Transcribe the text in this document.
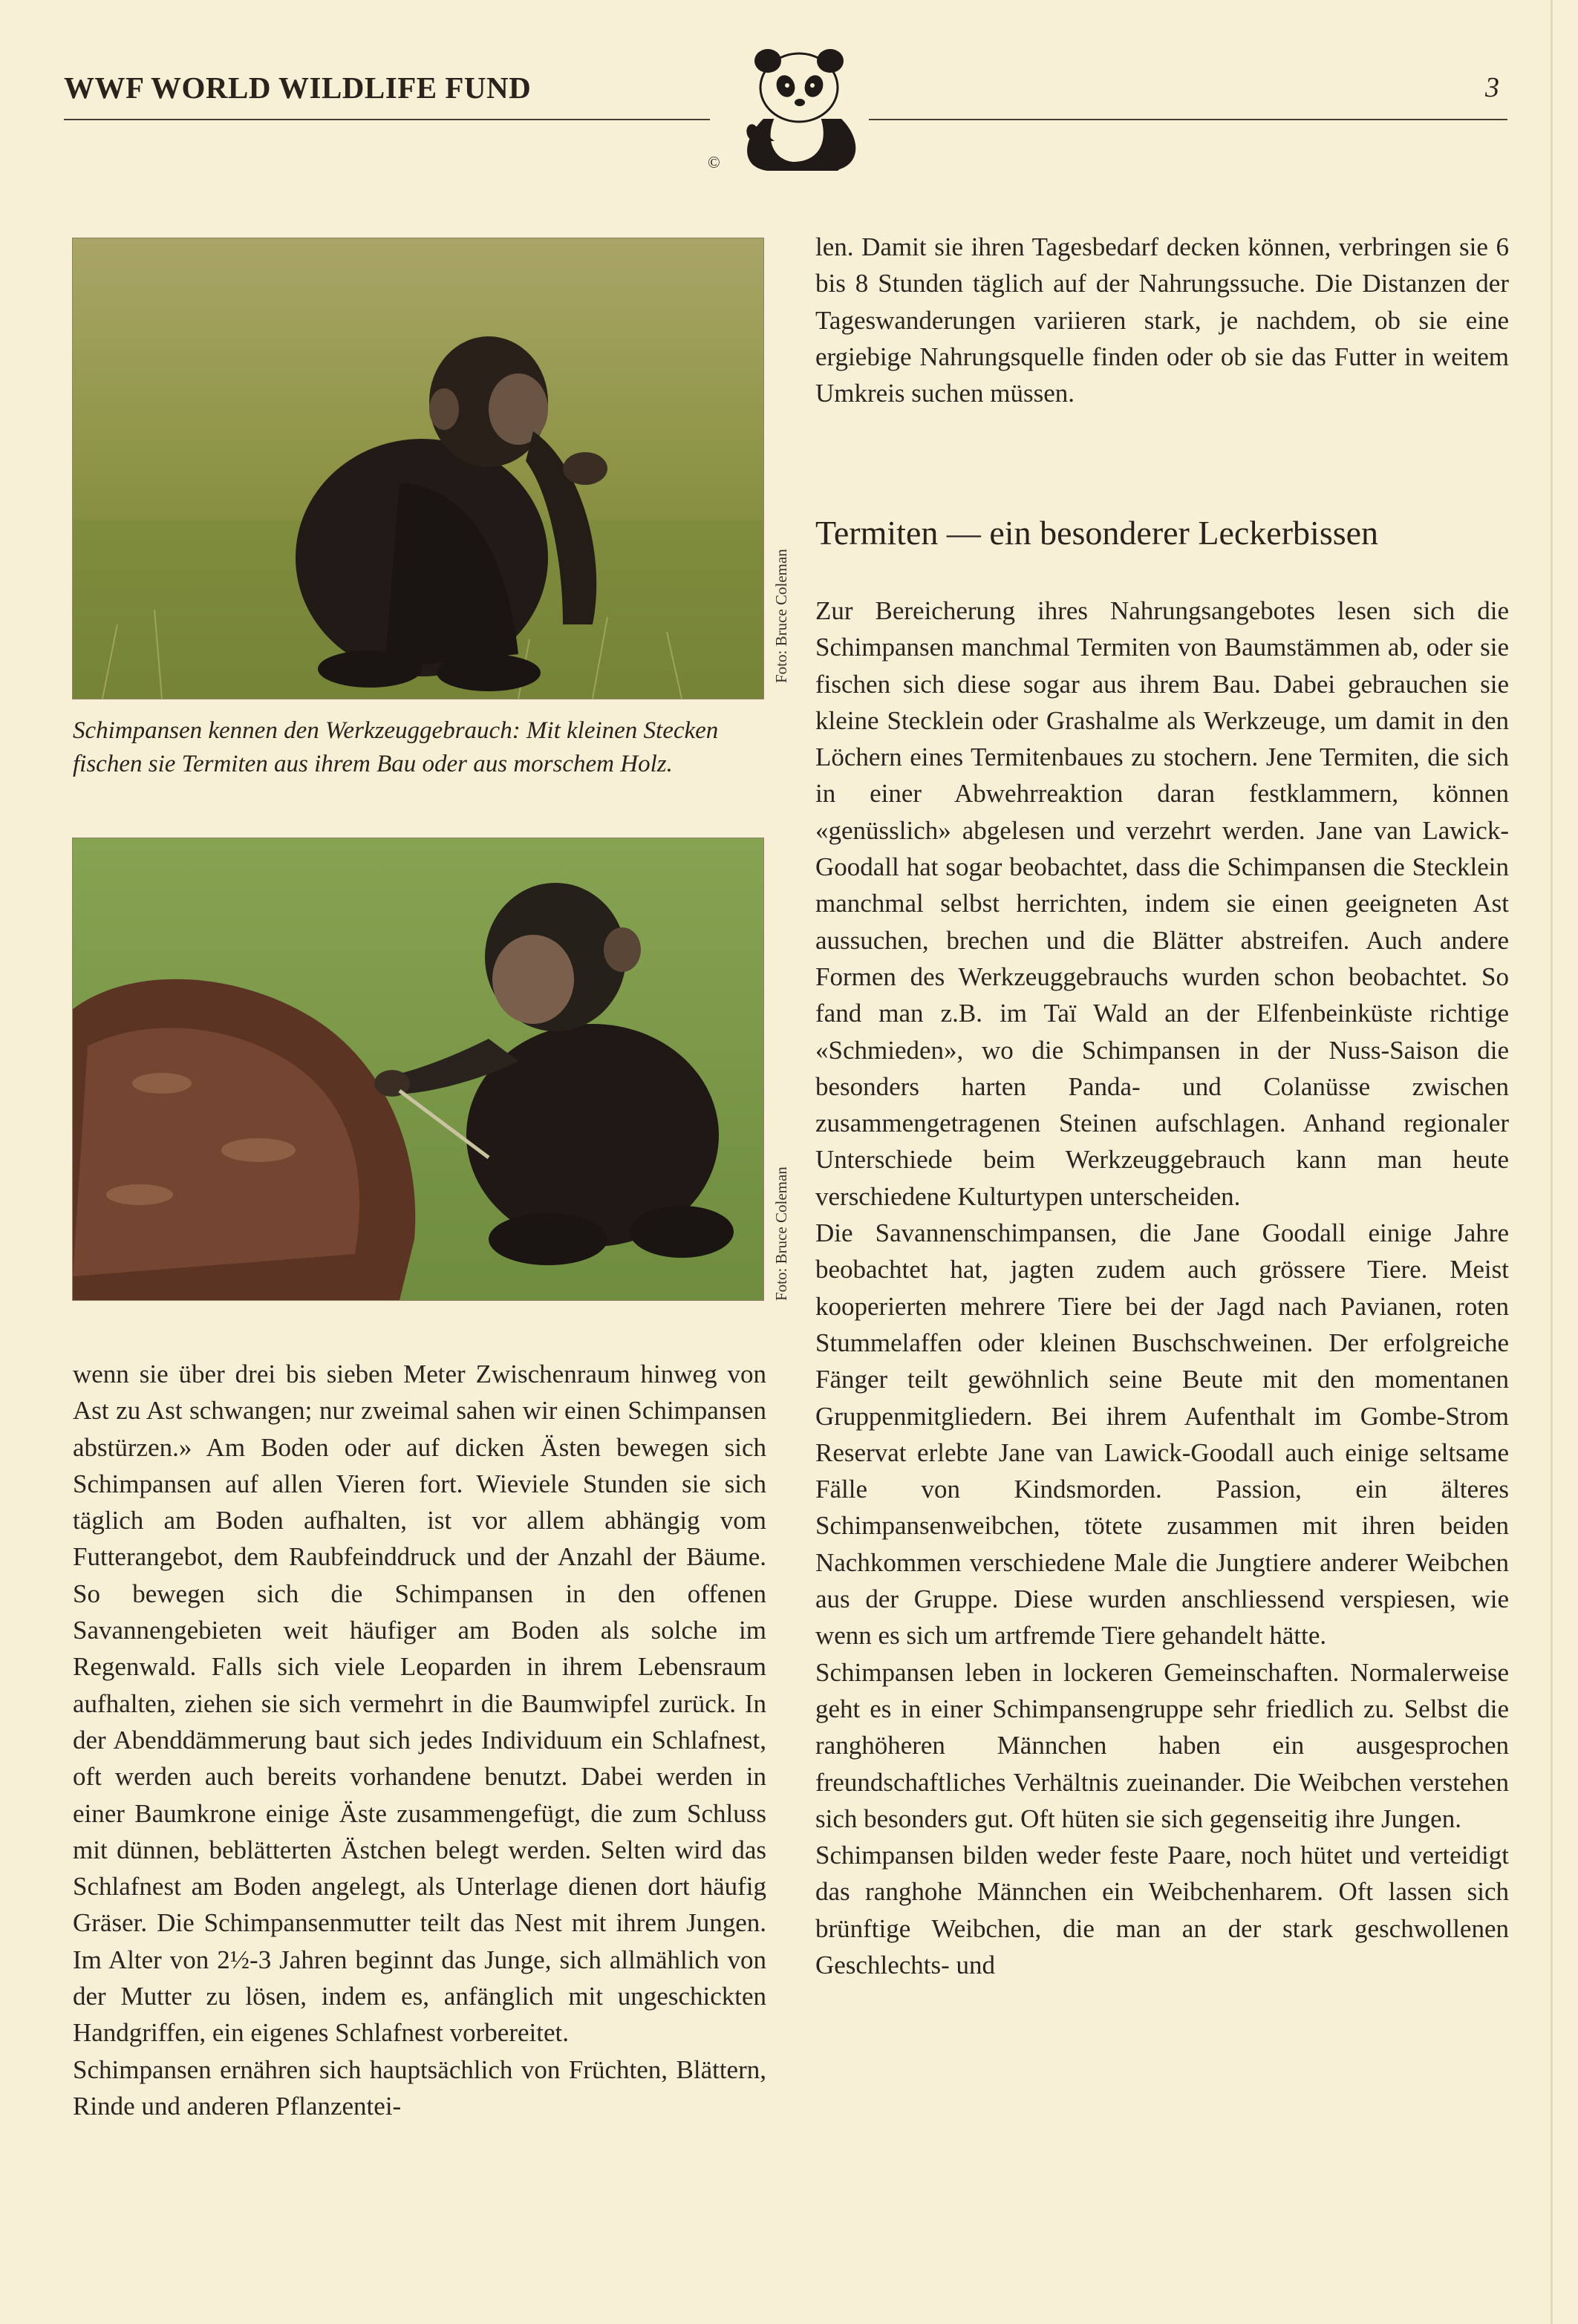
WWF WORLD WILDLIFE FUND	3
©
Foto: Bruce Coleman
Schimpansen kennen den Werkzeuggebrauch: Mit kleinen Stecken fischen sie Termiten aus ihrem Bau oder aus morschem Holz.
Foto: Bruce Coleman

wenn sie über drei bis sieben Meter Zwischenraum hinweg von Ast zu Ast schwangen; nur zweimal sahen wir einen Schimpansen abstürzen.» Am Boden oder auf dicken Ästen bewegen sich Schimpansen auf allen Vieren fort. Wieviele Stunden sie sich täglich am Boden aufhalten, ist vor allem abhängig vom Futterangebot, dem Raubfeinddruck und der Anzahl der Bäume. So bewegen sich die Schimpansen in den offenen Savannengebieten weit häufiger am Boden als solche im Regenwald. Falls sich viele Leoparden in ihrem Lebensraum aufhalten, ziehen sie sich vermehrt in die Baumwipfel zurück. In der Abenddämmerung baut sich jedes Individuum ein Schlafnest, oft werden auch bereits vorhandene benutzt. Dabei werden in einer Baumkrone einige Äste zusammengefügt, die zum Schluss mit dünnen, beblätterten Ästchen belegt werden. Selten wird das Schlafnest am Boden angelegt, als Unterlage dienen dort häufig Gräser. Die Schimpansenmutter teilt das Nest mit ihrem Jungen. Im Alter von 2½-3 Jahren beginnt das Junge, sich allmählich von der Mutter zu lösen, indem es, anfänglich mit ungeschickten Handgriffen, ein eigenes Schlafnest vorbereitet.

Schimpansen ernähren sich hauptsächlich von Früchten, Blättern, Rinde und anderen Pflanzentei-

len. Damit sie ihren Tagesbedarf decken können, verbringen sie 6 bis 8 Stunden täglich auf der Nahrungssuche. Die Distanzen der Tageswanderungen variieren stark, je nachdem, ob sie eine ergiebige Nahrungsquelle finden oder ob sie das Futter in weitem Umkreis suchen müssen.

Termiten — ein besonderer Leckerbissen

Zur Bereicherung ihres Nahrungsangebotes lesen sich die Schimpansen manchmal Termiten von Baumstämmen ab, oder sie fischen sich diese sogar aus ihrem Bau. Dabei gebrauchen sie kleine Stecklein oder Grashalme als Werkzeuge, um damit in den Löchern eines Termitenbaues zu stochern. Jene Termiten, die sich in einer Abwehrreaktion daran festklammern, können «genüsslich» abgelesen und verzehrt werden. Jane van Lawick-Goodall hat sogar beobachtet, dass die Schimpansen die Stecklein manchmal selbst herrichten, indem sie einen geeigneten Ast aussuchen, brechen und die Blätter abstreifen. Auch andere Formen des Werkzeuggebrauchs wurden schon beobachtet. So fand man z.B. im Taï Wald an der Elfenbeinküste richtige «Schmieden», wo die Schimpansen in der Nuss-Saison die besonders harten Panda- und Colanüsse zwischen zusammengetragenen Steinen aufschlagen. Anhand regionaler Unterschiede beim Werkzeuggebrauch kann man heute verschiedene Kulturtypen unterscheiden.

Die Savannenschimpansen, die Jane Goodall einige Jahre beobachtet hat, jagten zudem auch grössere Tiere. Meist kooperierten mehrere Tiere bei der Jagd nach Pavianen, roten Stummelaffen oder kleinen Buschschweinen. Der erfolgreiche Fänger teilt gewöhnlich seine Beute mit den momentanen Gruppenmitgliedern. Bei ihrem Aufenthalt im Gombe-Strom Reservat erlebte Jane van Lawick-Goodall auch einige seltsame Fälle von Kindsmorden. Passion, ein älteres Schimpansenweibchen, tötete zusammen mit ihren beiden Nachkommen verschiedene Male die Jungtiere anderer Weibchen aus der Gruppe. Diese wurden anschliessend verspiesen, wie wenn es sich um artfremde Tiere gehandelt hätte.

Schimpansen leben in lockeren Gemeinschaften. Normalerweise geht es in einer Schimpansengruppe sehr friedlich zu. Selbst die ranghöheren Männchen haben ein ausgesprochen freundschaftliches Verhältnis zueinander. Die Weibchen verstehen sich besonders gut. Oft hüten sie sich gegenseitig ihre Jungen.

Schimpansen bilden weder feste Paare, noch hütet und verteidigt das ranghohe Männchen ein Weibchenharem. Oft lassen sich brünftige Weibchen, die man an der stark geschwollenen Geschlechts- und
